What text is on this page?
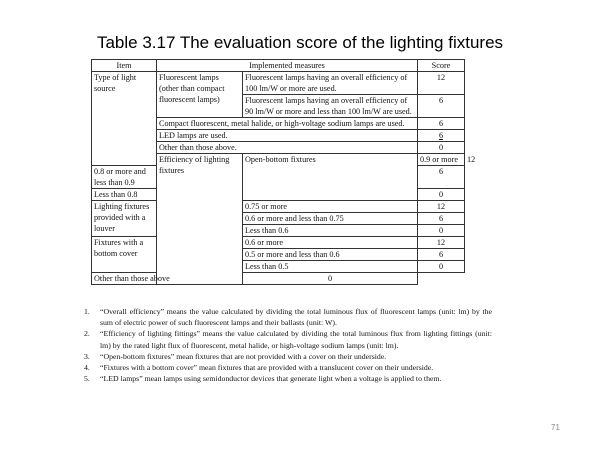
Table 3.17 The evaluation score of the lighting fixtures
Item	Implemented measures		Score	
Type of light source	Fluorescent lamps (other than compact fluorescent lamps)	Fluorescent lamps having an overall efficiency of 100 lm/W or more are used.	12	
		Fluorescent lamps having an overall efficiency of 90 lm/W or more and less than 100 lm/W are used.	6	
	Compact fluorescent, metal halide, or high-voltage sodium lamps are used.		6	
	LED lamps are used.		6	
	Other than those above.		0	
	Efficiency of lighting fixtures	Open-bottom fixtures	0.9 or more	12
0.8 or more and less than 0.9			6	
Less than 0.8			0	
Lighting fixtures provided with a louver		0.75 or more	12	
		0.6 or more and less than 0.75	6	
		Less than 0.6	0	
Fixtures with a bottom cover		0.6 or more	12	
		0.5 or more and less than 0.6	6	
		Less than 0.5	0	
Other than those above		0		
1.	“Overall efficiency” means the value calculated by dividing the total luminous flux of fluorescent lamps (unit: lm) by the sum of electric power of such fluorescent lamps and their ballasts (unit: W).
2.	“Efficiency of lighting fittings” means the value calculated by dividing the total luminous flux from lighting fittings (unit: lm) by the rated light flux of fluorescent, metal halide, or high-voltage sodium lamps (unit: lm).
3.	“Open-bottom fixtures” mean fixtures that are not provided with a cover on their underside.
4.	“Fixtures with a bottom cover” mean fixtures that are provided with a translucent cover on their underside.
5.	“LED lamps” mean lamps using semidonductor devices that generate light when a voltage is applied to them.
71
